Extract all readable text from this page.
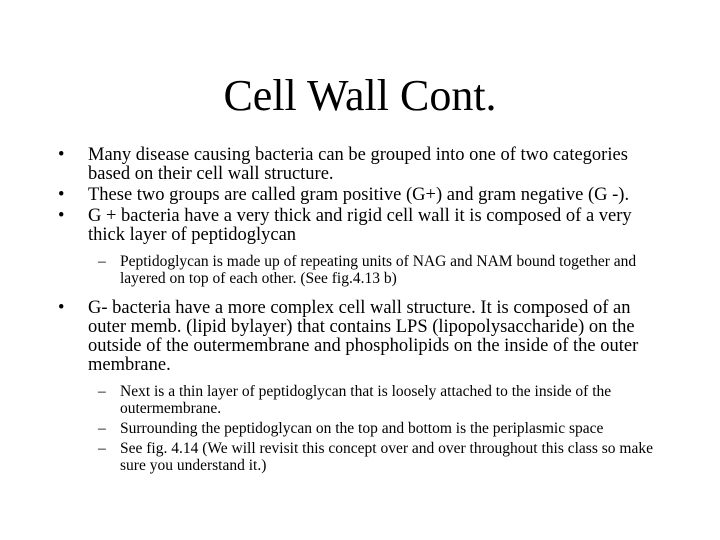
Cell Wall Cont.
• Many disease causing bacteria can be grouped into one of two categories based on their cell wall structure.
• These two groups are called gram positive (G+) and gram negative (G -).
• G + bacteria have a very thick and rigid cell wall it is composed of a very thick layer of peptidoglycan
– Peptidoglycan is made up of repeating units of NAG and NAM bound together and layered on top of each other. (See fig.4.13 b)
• G- bacteria have a more complex cell wall structure. It is composed of an outer memb. (lipid bylayer) that contains LPS (lipopolysaccharide) on the outside of the outermembrane and phospholipids on the inside of the outer membrane.
– Next is a thin layer of peptidoglycan that is loosely attached to the inside of the outermembrane.
– Surrounding the peptidoglycan on the top and bottom is the periplasmic space
– See fig. 4.14 (We will revisit this concept over and over throughout this class so make sure you understand it.)
